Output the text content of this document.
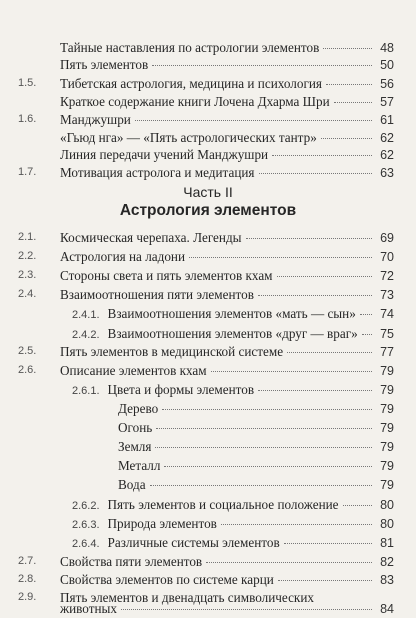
Тайные наставления по астрологии элементов	48
Пять элементов	50
1.5. Тибетская астрология, медицина и психология	56
Краткое содержание книги Лочена Дхарма Шри	57
1.6. Манджушри	61
«Гьюд нга» — «Пять астрологических тантр»	62
Линия передачи учений Манджушри	62
1.7. Мотивация астролога и медитация	63
Часть II
Астрология элементов
2.1. Космическая черепаха. Легенды	69
2.2. Астрология на ладони	70
2.3. Стороны света и пять элементов кхам	72
2.4. Взаимоотношения пяти элементов	73
2.4.1. Взаимоотношения элементов «мать — сын»	74
2.4.2. Взаимоотношения элементов «друг — враг»	75
2.5. Пять элементов в медицинской системе	77
2.6. Описание элементов кхам	79
2.6.1. Цвета и формы элементов	79
Дерево	79
Огонь	79
Земля	79
Металл	79
Вода	79
2.6.2. Пять элементов и социальное положение	80
2.6.3. Природа элементов	80
2.6.4. Различные системы элементов	81
2.7. Свойства пяти элементов	82
2.8. Свойства элементов по системе карци	83
2.9. Пять элементов и двенадцать символических
животных	84
